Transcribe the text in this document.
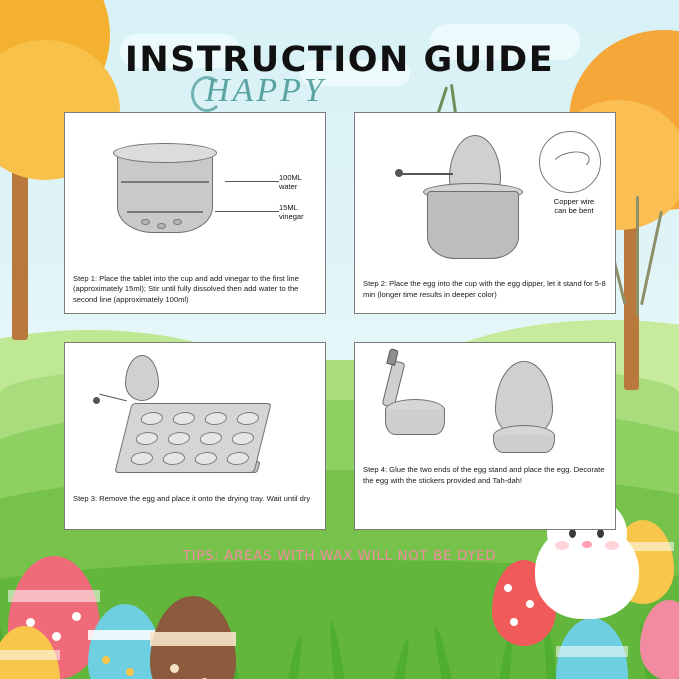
HAPPY
INSTRUCTION GUIDE
100ML
water
15ML
vinegar
Step 1: Place the tablet into the cup and add vinegar to the first line (approximately 15ml); Stir until fully dissolved then add water to the second line (approximately 100ml)
Copper wire
can be bent
Step 2: Place the egg into the cup with the egg dipper, let it stand for 5-8 min (longer time results in deeper color)
Step 3: Remove the egg and place it onto the drying tray. Wait until dry
Step 4: Glue the two ends of the egg stand and place the egg. Decorate the egg with the stickers provided and Tah-dah!
TIPS: AREAS WITH WAX WILL NOT BE DYED
